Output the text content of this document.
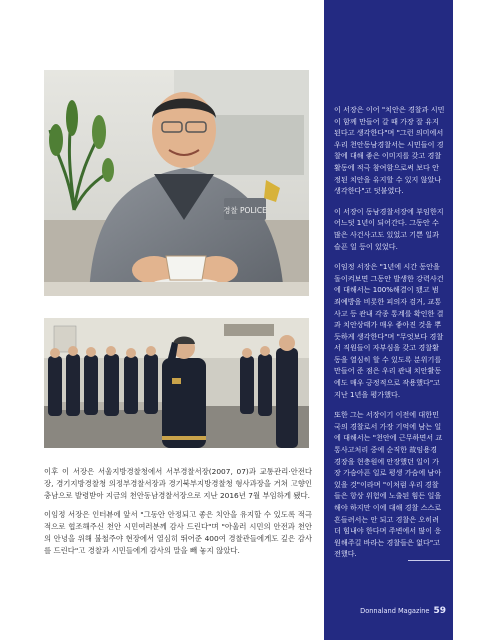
경찰 POLICE

이후 이 서장은 서울지방경찰청에서 서부경찰서장(2007, 07)과 교통관리·안전다장, 경기지방경찰청 의정부경찰서장과 경기북부지방경찰청 형사과장을 거쳐 고향인 충남으로 발령받아 지금의 천안동남경찰서장으로 지난 2016년 7월 부임하게 됐다.

이임정 서장은 인터뷰에 앞서 "그동안 안정되고 좋은 치안을 유지할 수 있도록 적극적으로 협조해주신 천안 시민여러분께 감사 드린다"며 "아울러 시민의 안전과 천안의 안녕을 위해 불철주야 현장에서 열심히 뛰어준 400여 경찰관들에게도 깊은 감사를 드린다"고 경찰과 시민들에게 감사의 말을 빼 놓지 않았다.

이 서장은 이어 "치안은 경찰과 시민이 함께 만들어 갈 때 가장 잘 유지된다고 생각한다"며 "그런 의미에서 우리 천안동남경찰서는 시민들이 경찰에 대해 좋은 이미지를 갖고 경찰활동에 적극 참여함으로써 보다 안정된 치안을 유지할 수 있지 않았나 생각한다"고 덧붙였다.

이 서장이 동남경찰서장에 부임한지 어느덧 1년이 되어간다. 그동안 수 많은 사건사고도 있었고 기쁜 일과 슬픈 일 등이 있었다.

이임정 서장은 "1년에 시간 동안을 돌이켜보면 그동안 발생한 강력사건에 대해서는 100%해결이 됐고 범죄예방을 비롯한 피의자 검거, 교통사고 등 관내 각종 통계를 확인한 결과 치안상태가 매우 좋아진 것을 뿌듯하게 생각한다"며 "무엇보다 경찰서 직원들이 자부심을 갖고 경찰활동을 열심히 할 수 있도록 분위기를 만들어 준 점은 우리 관내 치안활동에도 매우 긍정적으로 작용했다"고 지난 1년을 평가했다.

또한 그는 서장이기 이전에 대한민국의 경찰로서 가장 기억에 남는 일에 대해서는 "천안에 근무하면서 교통사고처리 중에 순직한 故임용경 경장을 현충원에 안장했던 일이 가장 가슴아픈 일로 평생 가슴에 남아 있을 것"이라며 "이처럼 우리 경찰들은 항상 위험에 노출된 힘든 일을 해야 하지만 이에 대해 경찰 스스로 흔들려서는 안 되고 경찰은 오히려 더 힘내야 한다며 주변에서 많이 응원해주길 바라는 경찰들은 없다"고 전했다.

Donnaland Magazine 59
